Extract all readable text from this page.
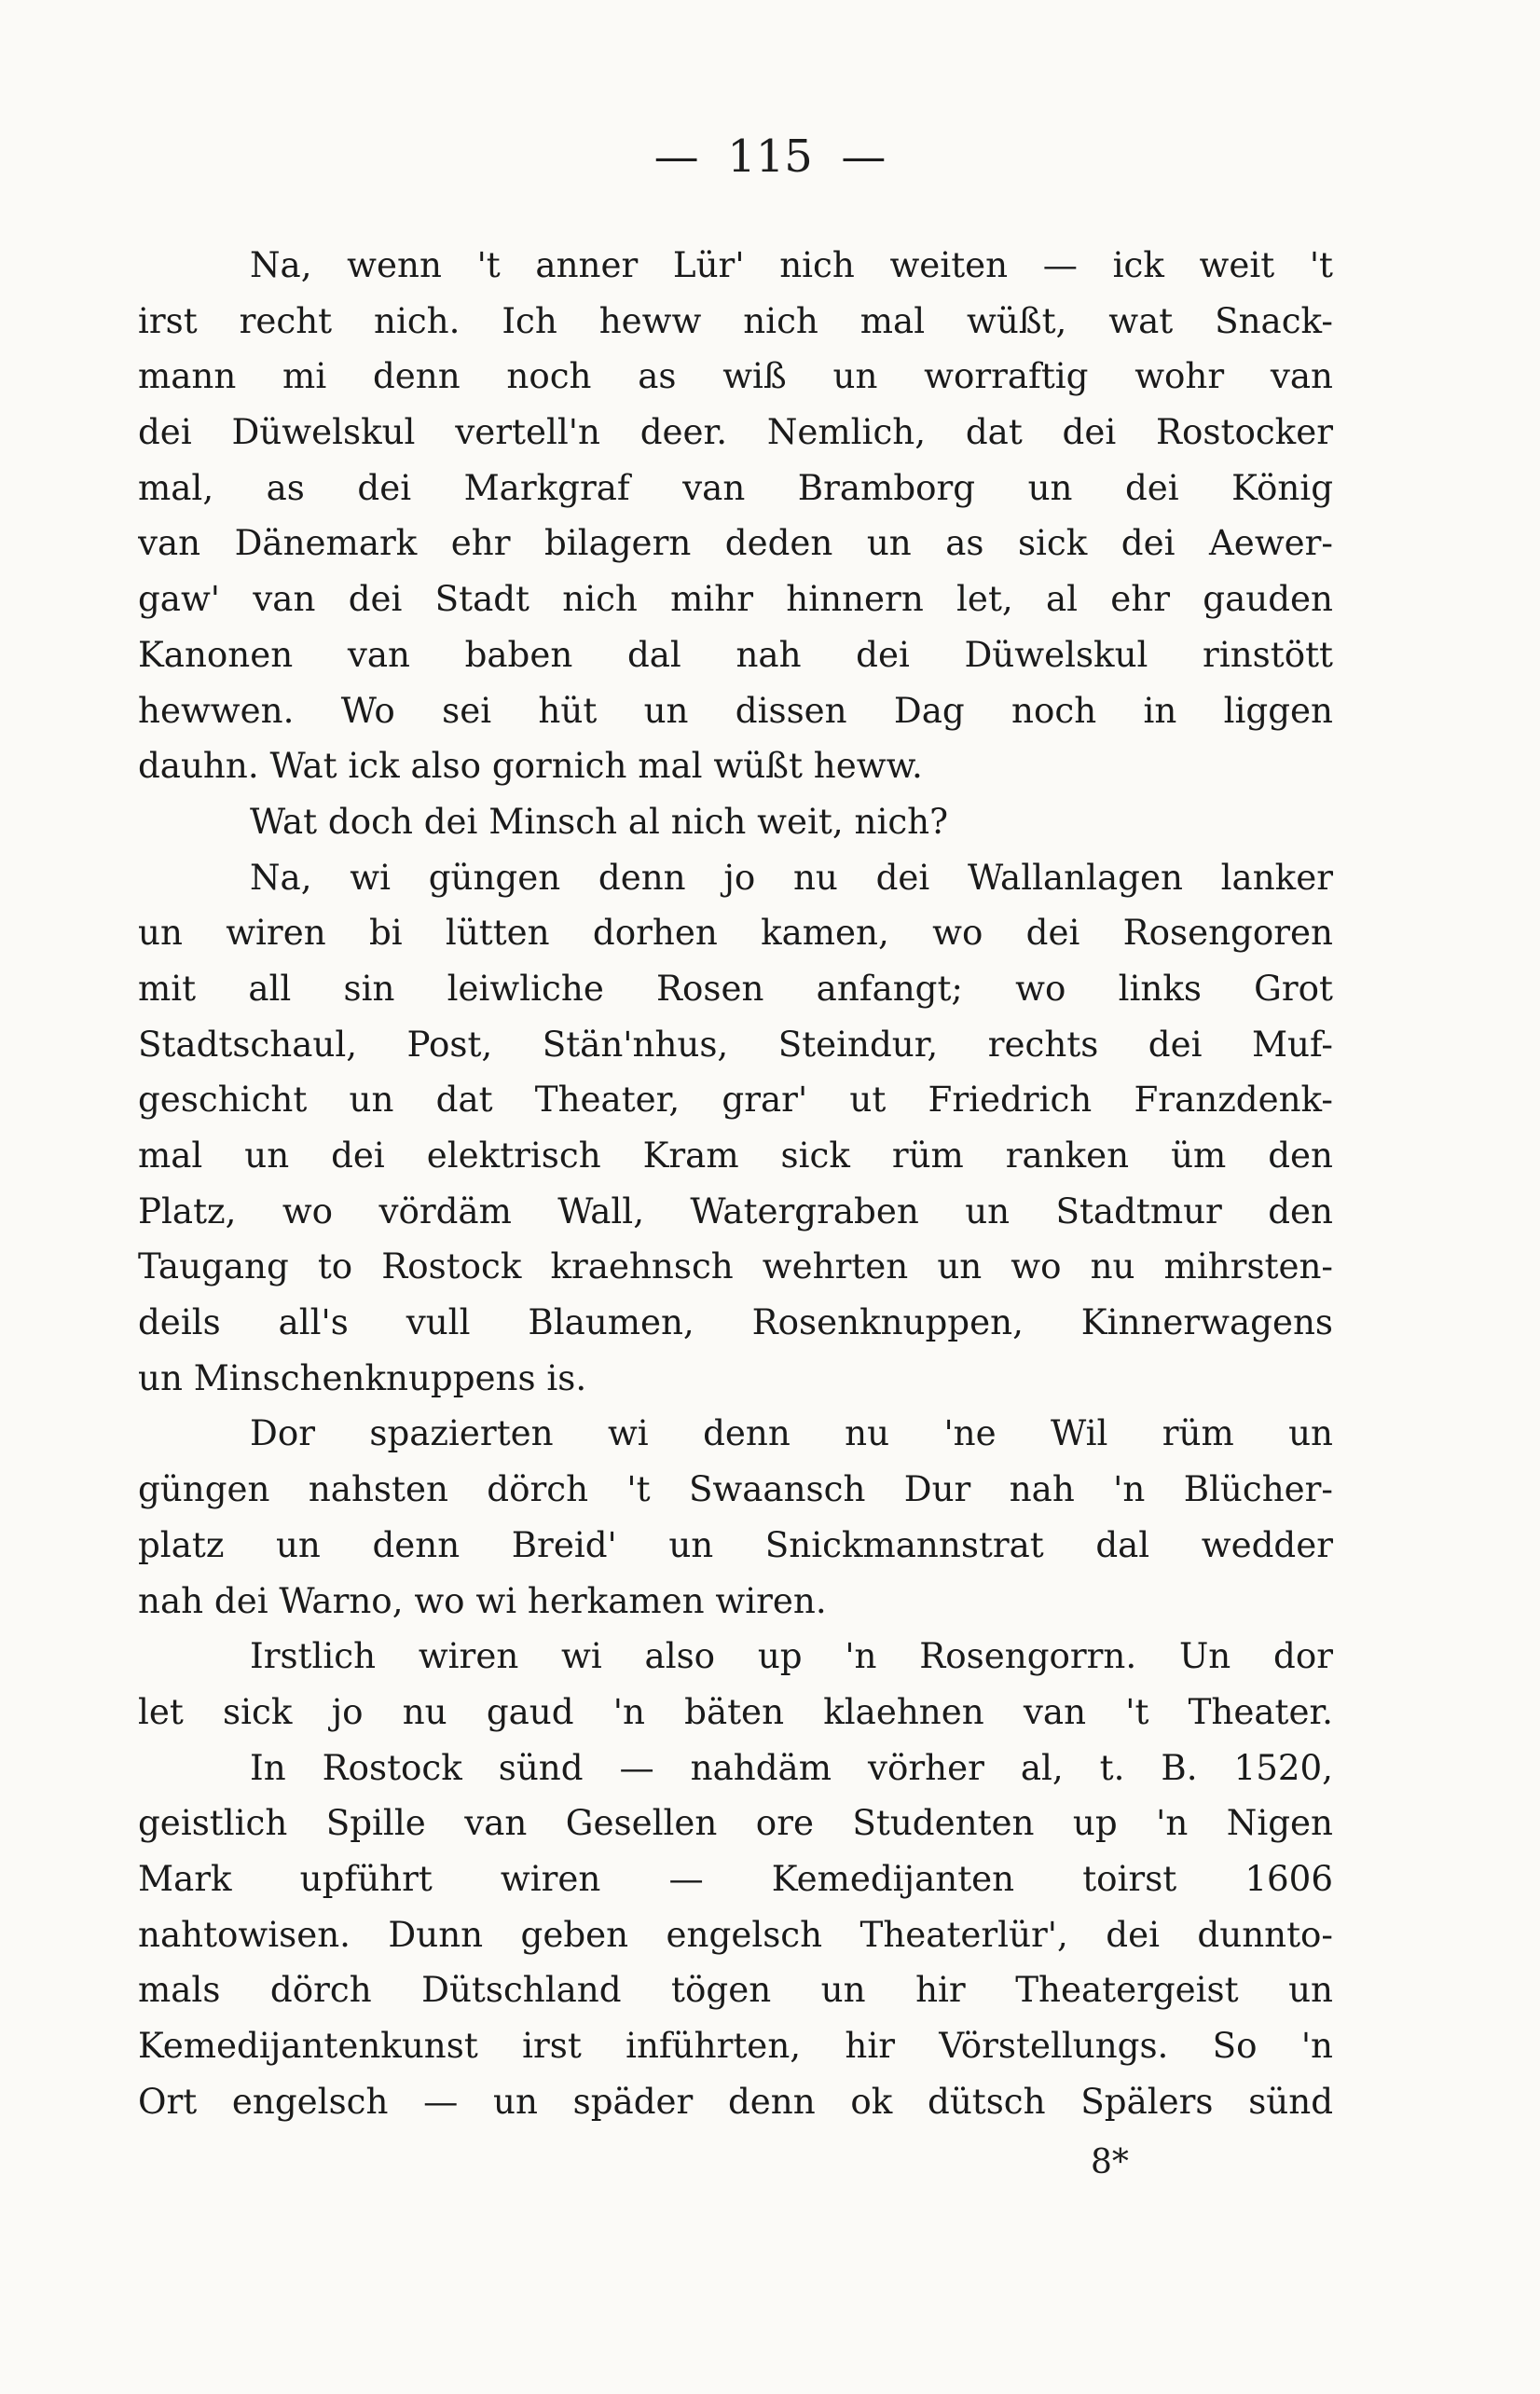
—  115  —

Na, wenn 't anner Lür' nich weiten — ick weit 't
irst recht nich. Ich heww nich mal wüßt, wat Snack-
mann mi denn noch as wiß un worraftig wohr van
dei Düwelskul vertell'n deer. Nemlich, dat dei Rostocker
mal, as dei Markgraf van Bramborg un dei König
van Dänemark ehr bilagern deden un as sick dei Aewer-
gaw' van dei Stadt nich mihr hinnern let, al ehr gauden
Kanonen van baben dal nah dei Düwelskul rinstött
hewwen. Wo sei hüt un dissen Dag noch in liggen
dauhn. Wat ick also gornich mal wüßt heww.

Wat doch dei Minsch al nich weit, nich?

Na, wi güngen denn jo nu dei Wallanlagen lanker
un wiren bi lütten dorhen kamen, wo dei Rosengoren
mit all sin leiwliche Rosen anfangt; wo links Grot
Stadtschaul, Post, Stän'nhus, Steindur, rechts dei Muf-
geschicht un dat Theater, grar' ut Friedrich Franzdenk-
mal un dei elektrisch Kram sick rüm ranken üm den
Platz, wo vördäm Wall, Watergraben un Stadtmur den
Taugang to Rostock kraehnsch wehrten un wo nu mihrsten-
deils all's vull Blaumen, Rosenknuppen, Kinnerwagens
un Minschenknuppens is.

Dor spazierten wi denn nu 'ne Wil rüm un
güngen nahsten dörch 't Swaansch Dur nah 'n Blücher-
platz un denn Breid' un Snickmannstrat dal wedder
nah dei Warno, wo wi herkamen wiren.

Irstlich wiren wi also up 'n Rosengorrn. Un dor
let sick jo nu gaud 'n bäten klaehnen van 't Theater.

In Rostock sünd — nahdäm vörher al, t. B. 1520,
geistlich Spille van Gesellen ore Studenten up 'n Nigen
Mark upführt wiren — Kemedijanten toirst 1606
nahtowisen. Dunn geben engelsch Theaterlür', dei dunnto-
mals dörch Dütschland tögen un hir Theatergeist un
Kemedijantenkunst irst inführten, hir Vörstellungs. So 'n
Ort engelsch — un späder denn ok dütsch Spälers sünd

8*
